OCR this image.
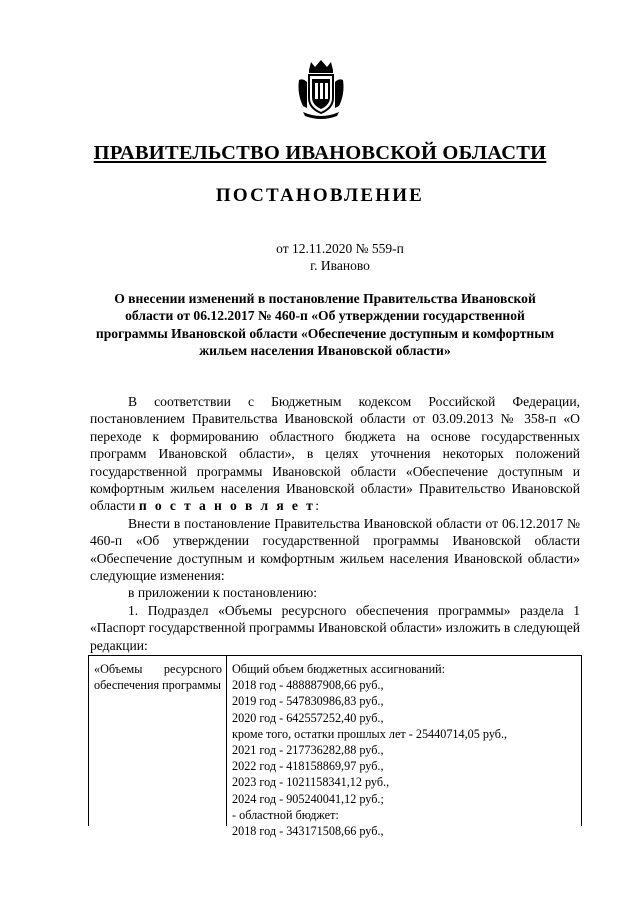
ПРАВИТЕЛЬСТВО ИВАНОВСКОЙ ОБЛАСТИ
ПОСТАНОВЛЕНИЕ
от 12.11.2020 № 559-п
г. Иваново
О внесении изменений в постановление Правительства Ивановской области от 06.12.2017 № 460-п «Об утверждении государственной программы Ивановской области «Обеспечение доступным и комфортным жильем населения Ивановской области»

В соответствии с Бюджетным кодексом Российской Федерации, постановлением Правительства Ивановской области от 03.09.2013 № 358-п «О переходе к формированию областного бюджета на основе государственных программ Ивановской области», в целях уточнения некоторых положений государственной программы Ивановской области «Обеспечение доступным и комфортным жильем населения Ивановской области» Правительство Ивановской области п о с т а н о в л я е т:

Внести в постановление Правительства Ивановской области от 06.12.2017 № 460-п «Об утверждении государственной программы Ивановской области «Обеспечение доступным и комфортным жильем населения Ивановской области» следующие изменения:

в приложении к постановлению:

1. Подраздел «Объемы ресурсного обеспечения программы» раздела 1 «Паспорт государственной программы Ивановской области» изложить в следующей редакции:

«Объемы ресурсного обеспечения программы
Общий объем бюджетных ассигнований:
2018 год - 488887908,66 руб.,
2019 год - 547830986,83 руб.,
2020 год - 642557252,40 руб.,
кроме того, остатки прошлых лет - 25440714,05 руб.,
2021 год - 217736282,88 руб.,
2022 год - 418158869,97 руб.,
2023 год - 1021158341,12 руб.,
2024 год - 905240041,12 руб.;
- областной бюджет:
2018 год - 343171508,66 руб.,
